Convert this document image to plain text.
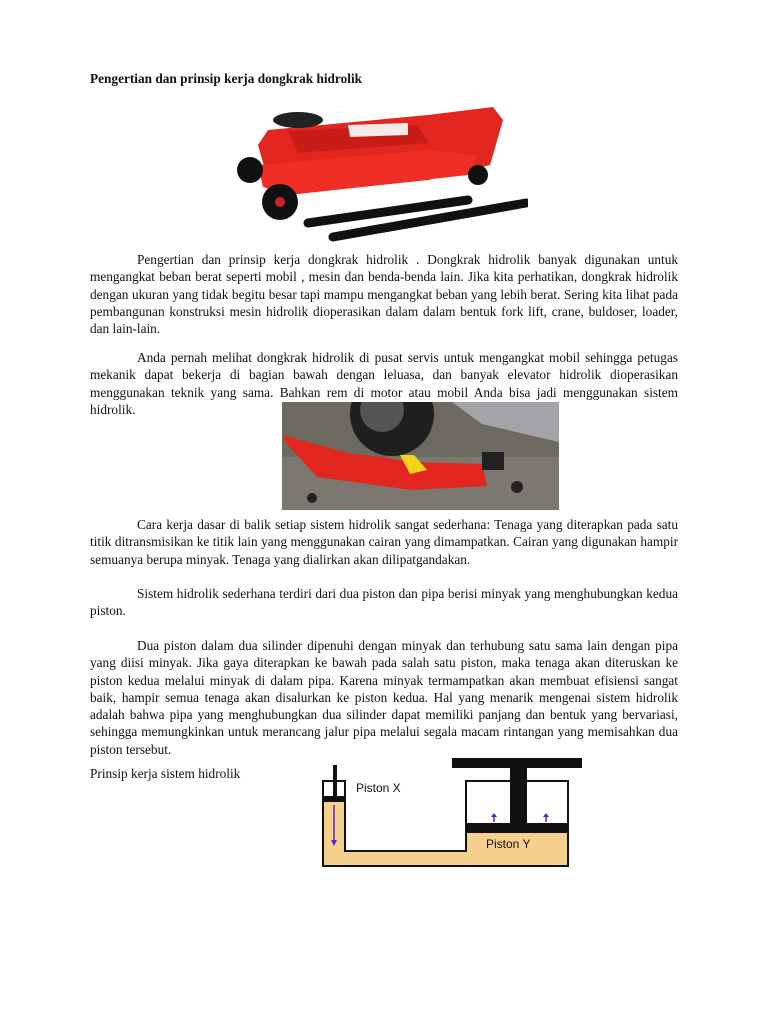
Pengertian dan prinsip kerja dongkrak hidrolik

Pengertian dan prinsip kerja dongkrak hidrolik . Dongkrak hidrolik banyak digunakan untuk mengangkat beban berat seperti mobil , mesin dan benda-benda lain. Jika kita perhatikan, dongkrak hidrolik dengan ukuran yang tidak begitu besar tapi mampu mengangkat beban yang lebih berat. Sering kita lihat pada pembangunan konstruksi mesin hidrolik dioperasikan dalam dalam bentuk fork lift, crane, buldoser, loader, dan lain-lain.

Anda pernah melihat dongkrak hidrolik di pusat servis untuk mengangkat mobil sehingga petugas mekanik dapat bekerja di bagian bawah dengan leluasa, dan banyak elevator hidrolik dioperasikan menggunakan teknik yang sama. Bahkan rem di motor atau mobil Anda bisa jadi menggunakan sistem hidrolik.

Cara kerja dasar di balik setiap sistem hidrolik sangat sederhana: Tenaga yang diterapkan pada satu titik ditransmisikan ke titik lain yang menggunakan cairan yang dimampatkan. Cairan yang digunakan hampir semuanya berupa minyak. Tenaga yang dialirkan akan dilipatgandakan.

Sistem hidrolik sederhana terdiri dari dua piston dan pipa berisi minyak yang menghubungkan kedua piston.

Dua piston dalam dua silinder dipenuhi dengan minyak dan terhubung satu sama lain dengan pipa yang diisi minyak. Jika gaya diterapkan ke bawah pada salah satu piston, maka tenaga akan diteruskan ke piston kedua melalui minyak di dalam pipa. Karena minyak termampatkan akan membuat efisiensi sangat baik, hampir semua tenaga akan disalurkan ke piston kedua. Hal yang menarik mengenai sistem hidrolik adalah bahwa pipa yang menghubungkan dua silinder dapat memiliki panjang dan bentuk yang bervariasi, sehingga memungkinkan untuk merancang jalur pipa melalui segala macam rintangan yang memisahkan dua piston tersebut.

Prinsip kerja sistem hidrolik

Piston X
Piston Y
